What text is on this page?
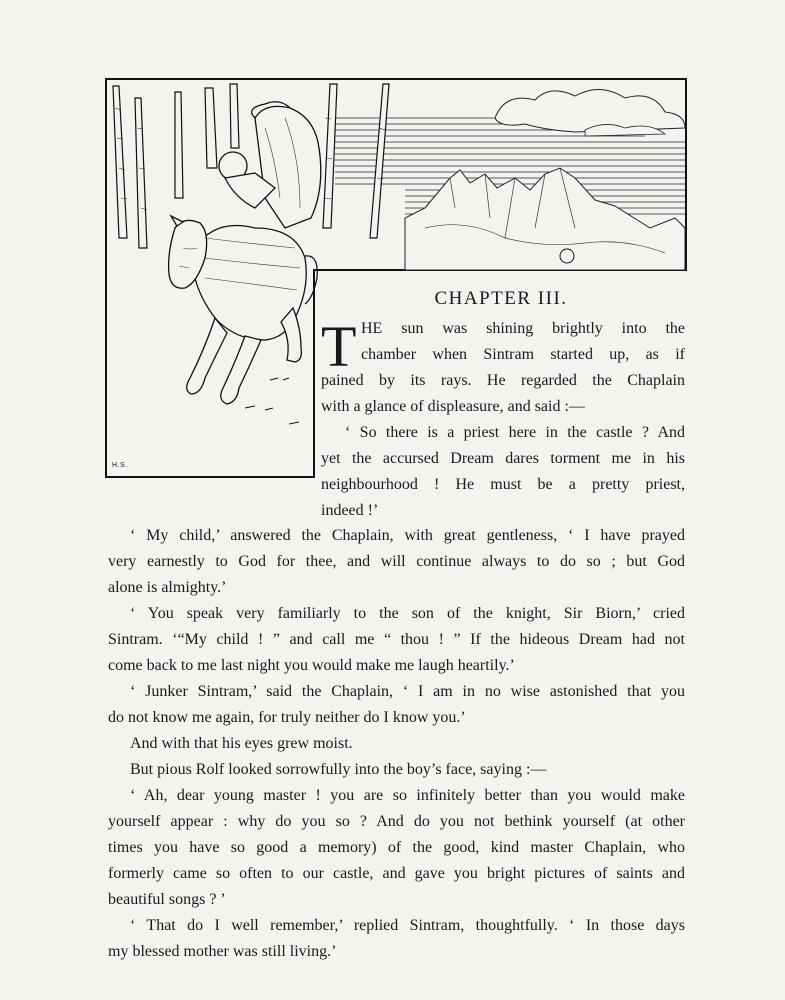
H.S.
CHAPTER III.
T HE sun was shining brightly into the
chamber when Sintram started up, as if
pained by its rays. He regarded the Chaplain
with a glance of displeasure, and said :—
‘ So there is a priest here in the castle ? And
yet the accursed Dream dares torment me in his
neighbourhood ! He must be a pretty priest,
indeed !’
‘ My child,’ answered the Chaplain, with great gentleness, ‘ I have prayed
very earnestly to God for thee, and will continue always to do so ; but God
alone is almighty.’
‘ You speak very familiarly to the son of the knight, Sir Biorn,’ cried
Sintram. ‘“My child ! ” and call me “ thou ! ” If the hideous Dream had not
come back to me last night you would make me laugh heartily.’
‘ Junker Sintram,’ said the Chaplain, ‘ I am in no wise astonished that you
do not know me again, for truly neither do I know you.’
And with that his eyes grew moist.
But pious Rolf looked sorrowfully into the boy’s face, saying :—
‘ Ah, dear young master ! you are so infinitely better than you would make
yourself appear : why do you so ? And do you not bethink yourself (at other
times you have so good a memory) of the good, kind master Chaplain, who
formerly came so often to our castle, and gave you bright pictures of saints and
beautiful songs ? ’
‘ That do I well remember,’ replied Sintram, thoughtfully. ‘ In those days
my blessed mother was still living.’
